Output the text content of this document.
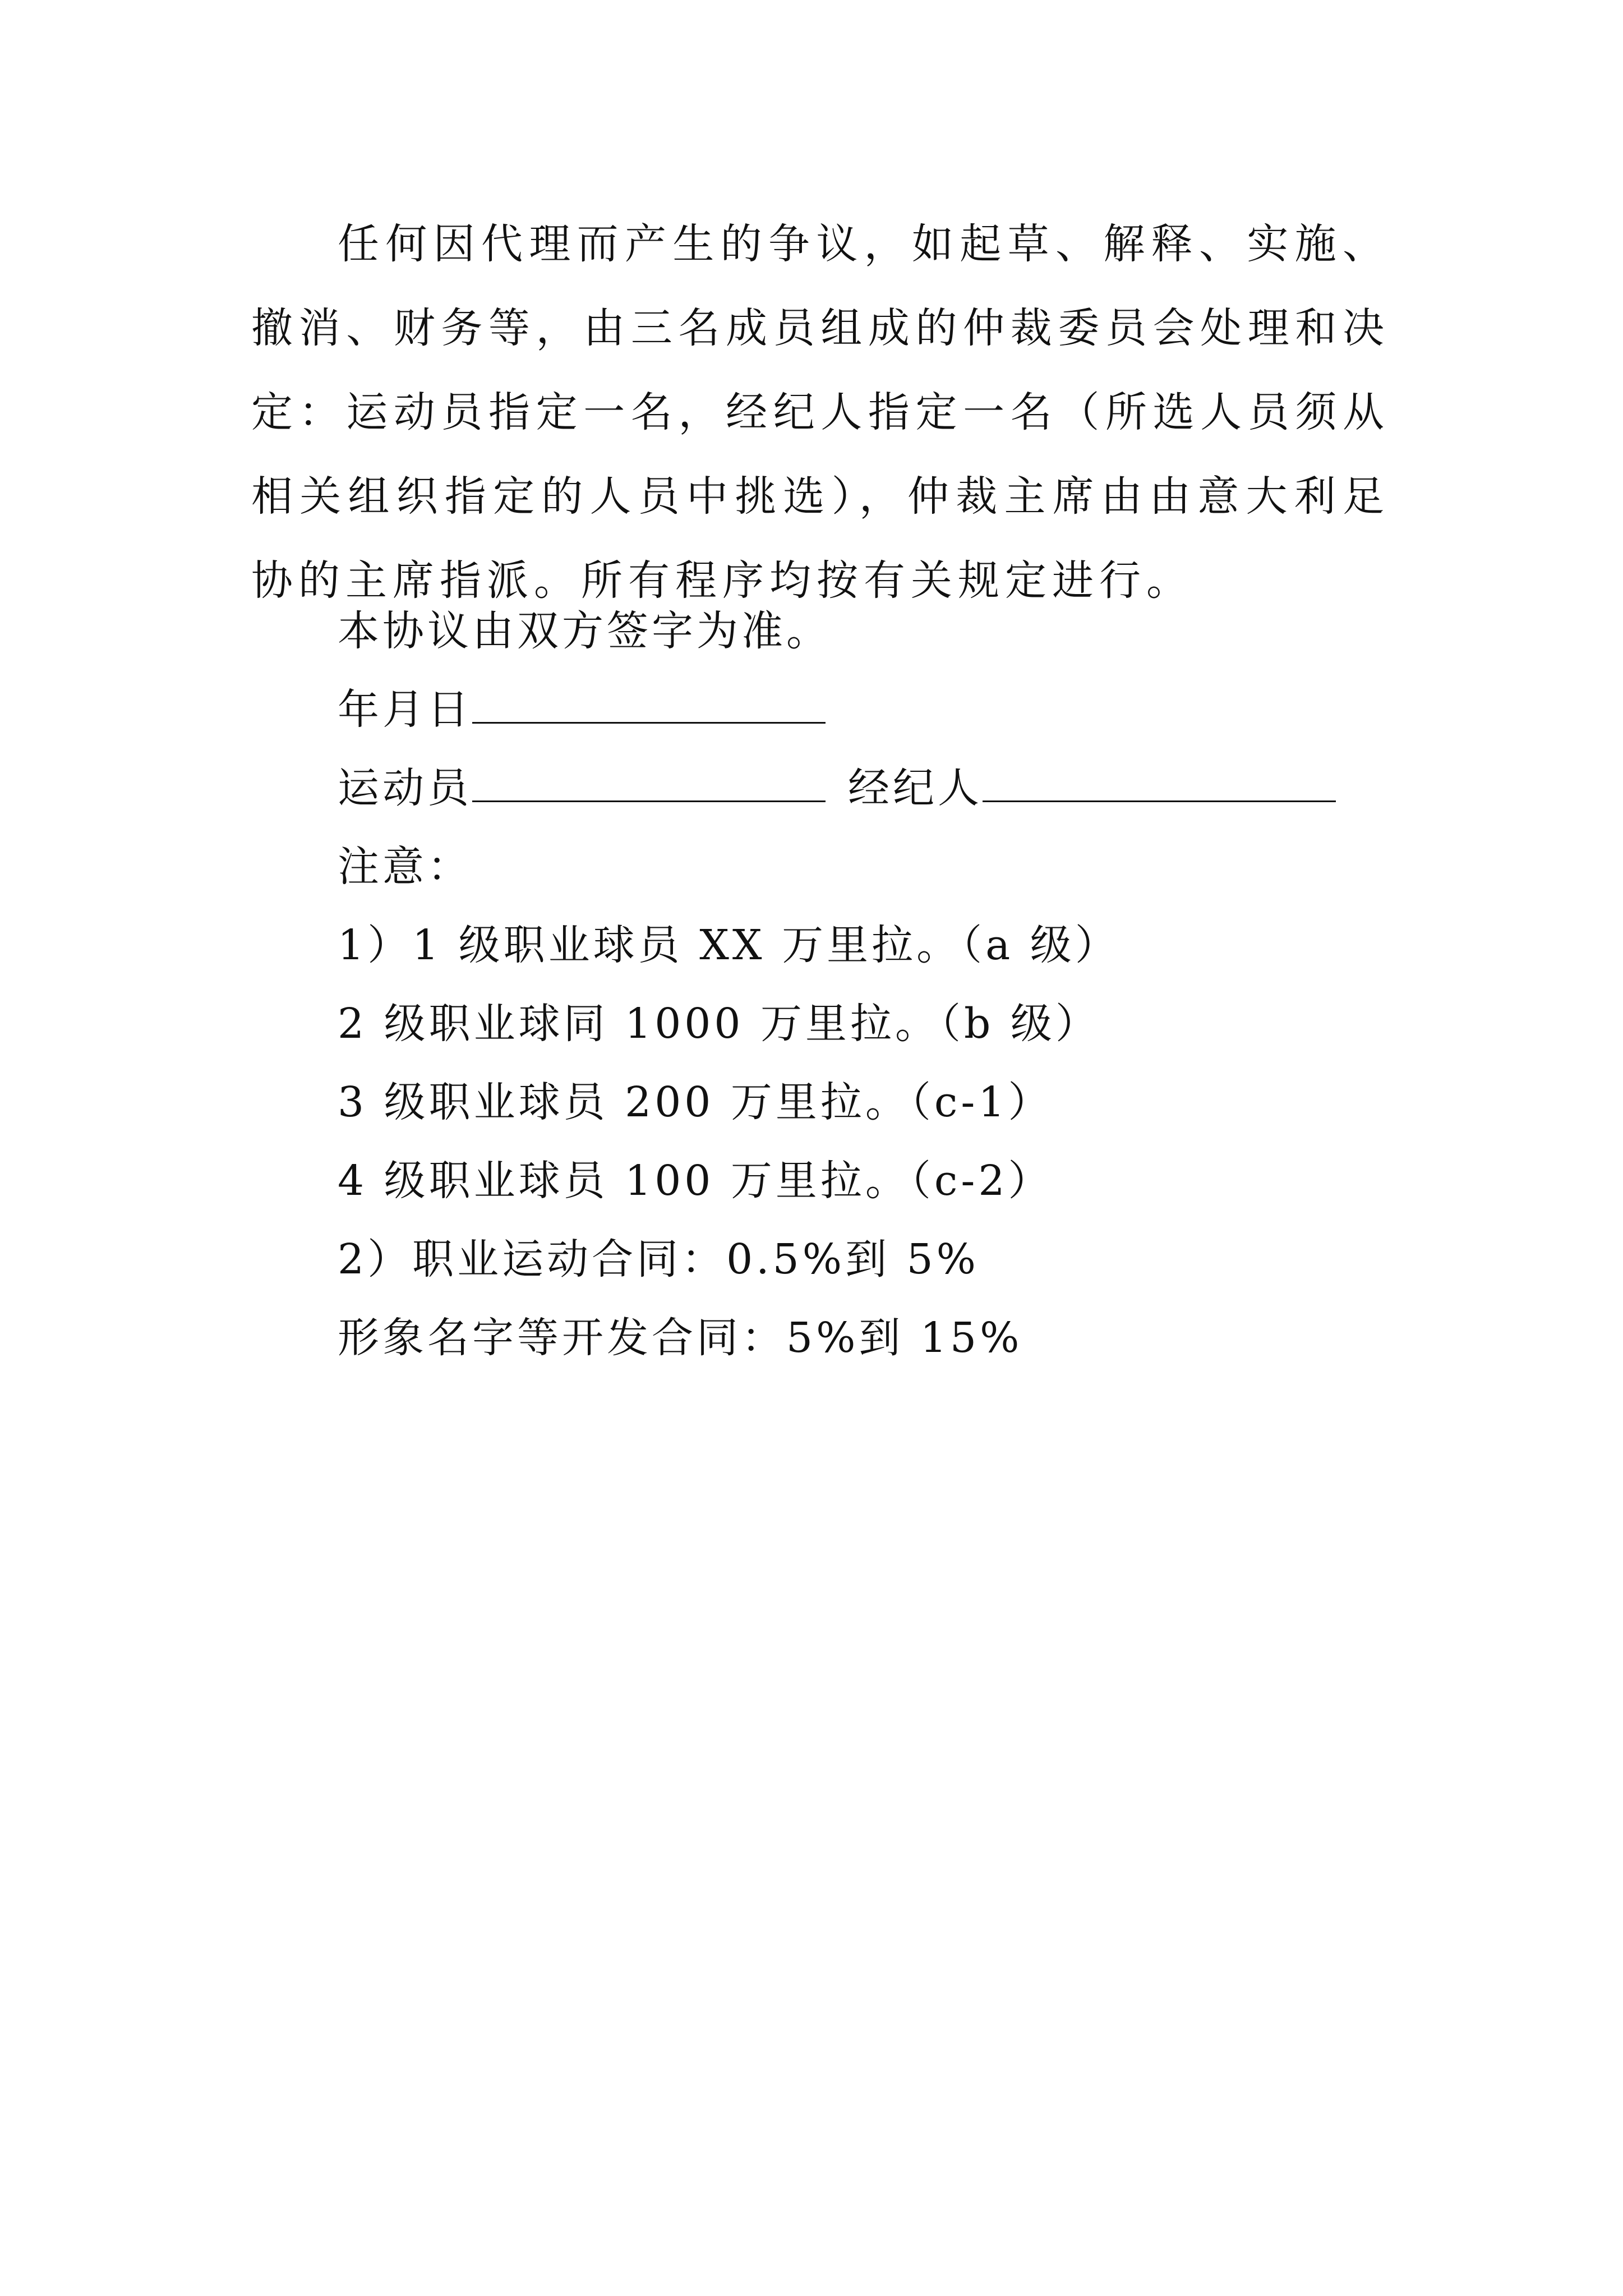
任何因代理而产生的争议，如起草、解释、实施、撤消、财务等，由三名成员组成的仲裁委员会处理和决定：运动员指定一名，经纪人指定一名（所选人员须从相关组织指定的人员中挑选），仲裁主席由由意大利足协的主席指派。所有程序均按有关规定进行。

本协议由双方签字为准。

年月日

运动员	经纪人

注意：

1）1 级职业球员 XX 万里拉。（a 级）

2 级职业球同 1000 万里拉。（b 级）

3 级职业球员 200 万里拉。（c-1）

4 级职业球员 100 万里拉。（c-2）

2）职业运动合同：0.5%到 5%

形象名字等开发合同：5%到 15%
